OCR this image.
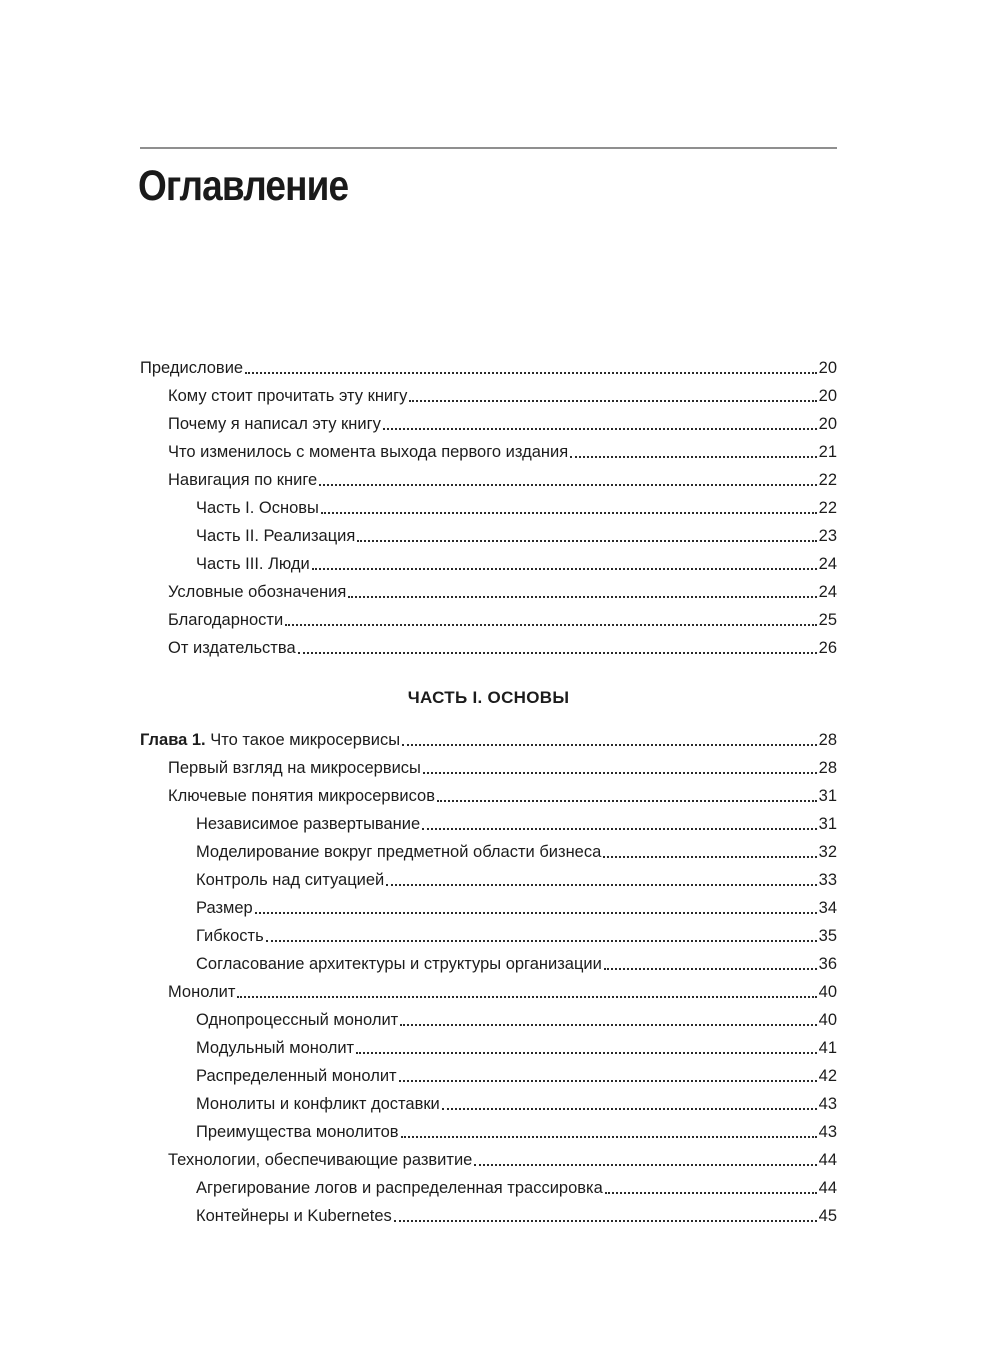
Оглавление
ЧАСТЬ I. ОСНОВЫ
Предисловие	20
Кому стоит прочитать эту книгу	20
Почему я написал эту книгу	20
Что изменилось с момента выхода первого издания	21
Навигация по книге	22
Часть I. Основы	22
Часть II. Реализация	23
Часть III. Люди	24
Условные обозначения	24
Благодарности	25
От издательства	26
Глава 1. Что такое микросервисы	28
Первый взгляд на микросервисы	28
Ключевые понятия микросервисов	31
Независимое развертывание	31
Моделирование вокруг предметной области бизнеса	32
Контроль над ситуацией	33
Размер	34
Гибкость	35
Согласование архитектуры и структуры организации	36
Монолит	40
Однопроцессный монолит	40
Модульный монолит	41
Распределенный монолит	42
Монолиты и конфликт доставки	43
Преимущества монолитов	43
Технологии, обеспечивающие развитие	44
Агрегирование логов и распределенная трассировка	44
Контейнеры и Kubernetes	45
